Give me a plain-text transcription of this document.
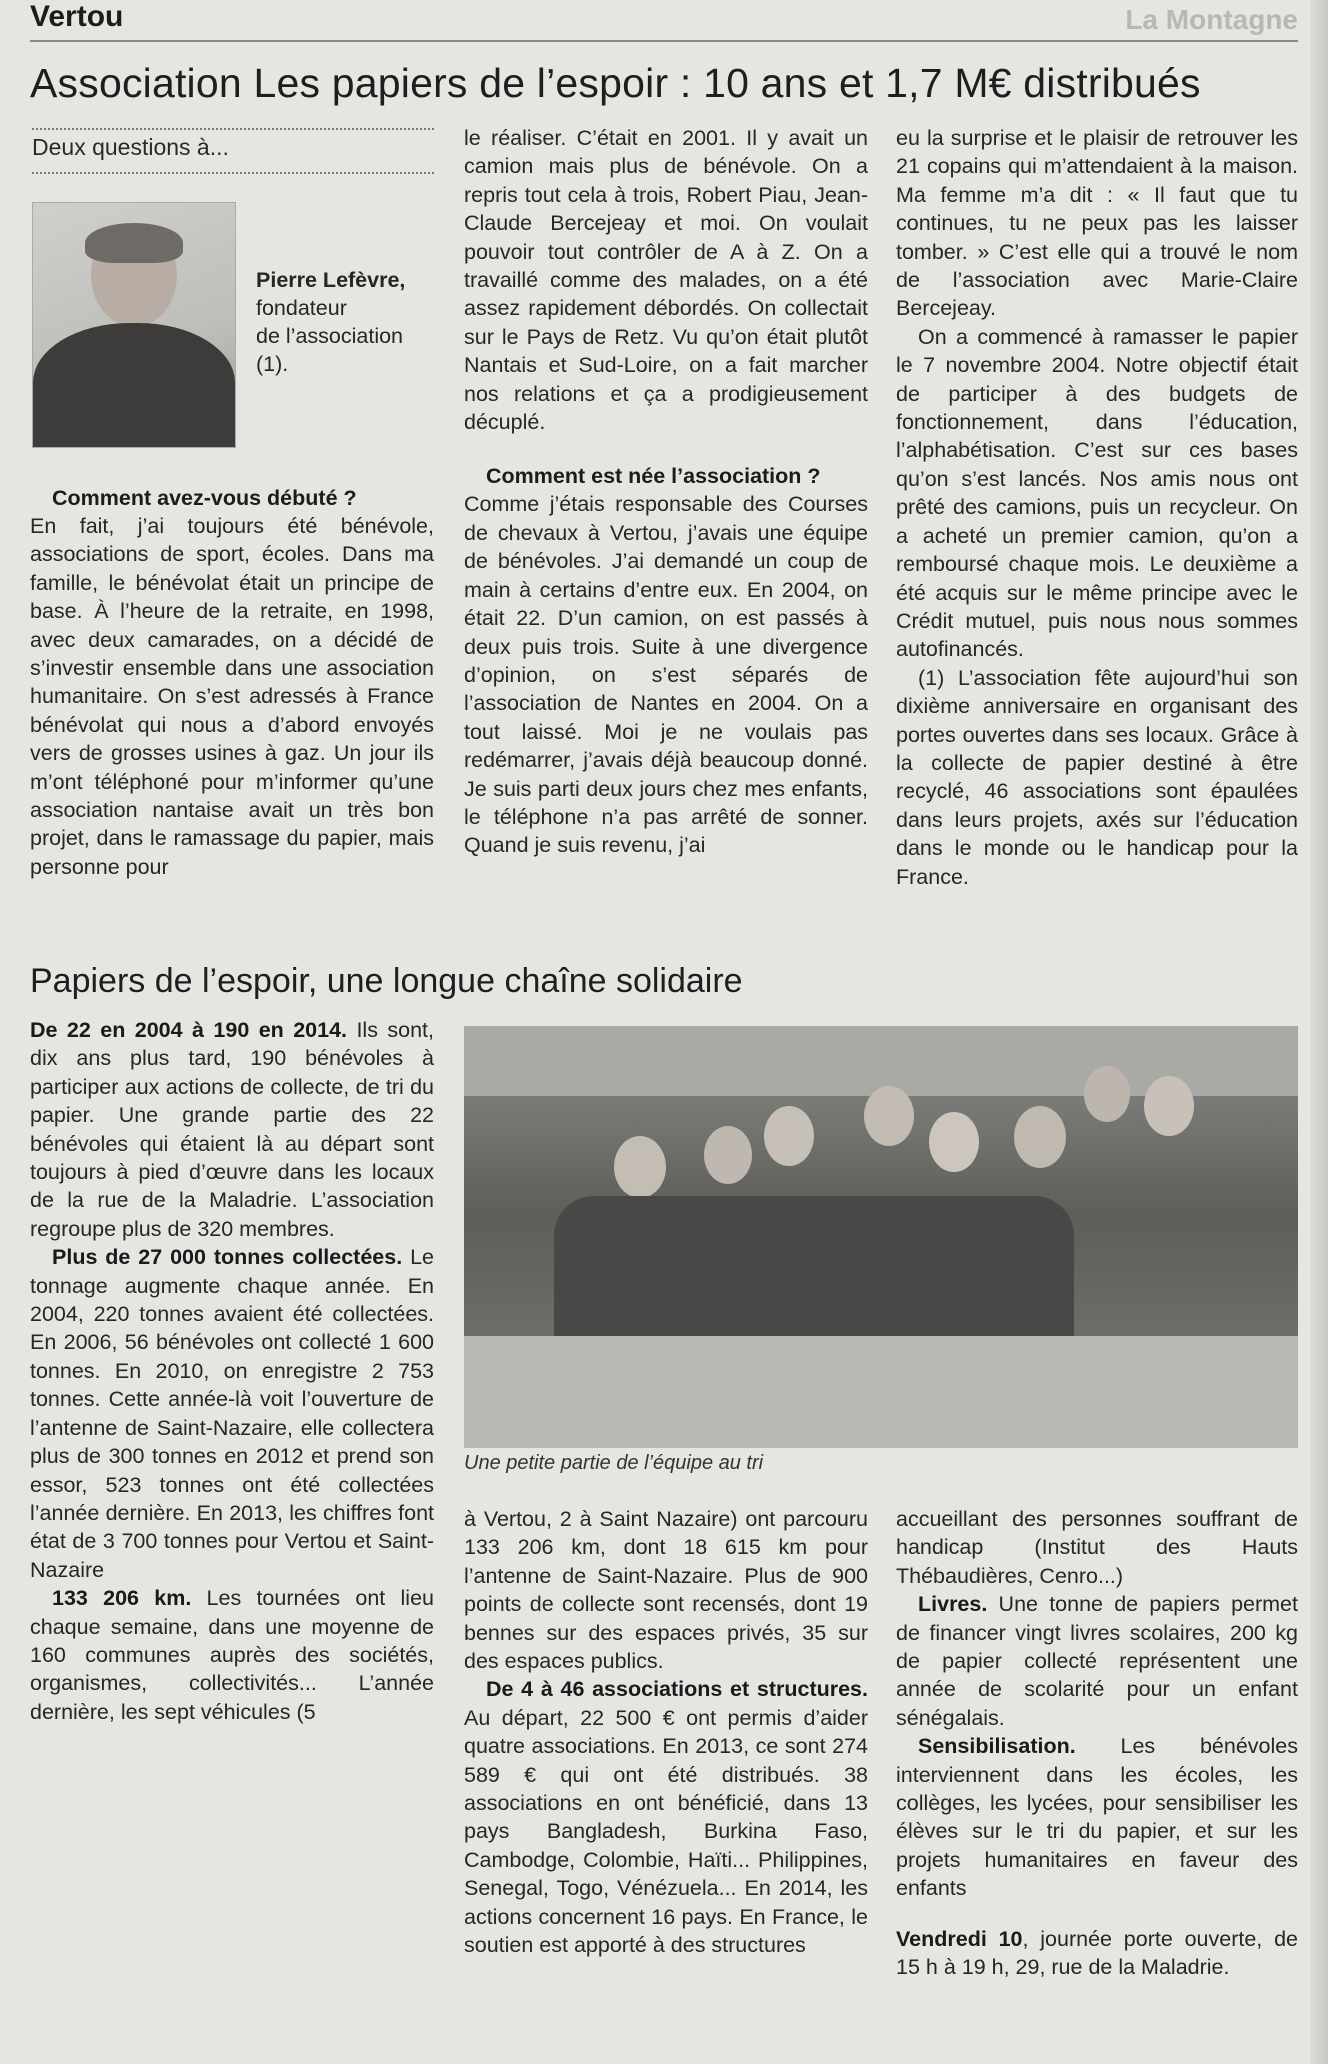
Vertou	La Montagne
Association Les papiers de l’espoir : 10 ans et 1,7 M€ distribués
Deux questions à...
Pierre Lefèvre,
fondateur
de l’association
(1).

Comment avez-vous débuté ?

En fait, j’ai toujours été bénévole, associations de sport, écoles. Dans ma famille, le bénévolat était un principe de base. À l’heure de la retraite, en 1998, avec deux camarades, on a décidé de s’investir ensemble dans une association humanitaire. On s’est adressés à France bénévolat qui nous a d’abord envoyés vers de grosses usines à gaz. Un jour ils m’ont téléphoné pour m’informer qu’une association nantaise avait un très bon projet, dans le ramassage du papier, mais personne pour

le réaliser. C’était en 2001. Il y avait un camion mais plus de bénévole. On a repris tout cela à trois, Robert Piau, Jean-Claude Bercejeay et moi. On voulait pouvoir tout contrôler de A à Z. On a travaillé comme des malades, on a été assez rapidement débordés. On collectait sur le Pays de Retz. Vu qu’on était plutôt Nantais et Sud-Loire, on a fait marcher nos relations et ça a prodigieusement décuplé.

Comment est née l’association ?

Comme j’étais responsable des Courses de chevaux à Vertou, j’avais une équipe de bénévoles. J’ai demandé un coup de main à certains d’entre eux. En 2004, on était 22. D’un camion, on est passés à deux puis trois. Suite à une divergence d’opinion, on s’est séparés de l’association de Nantes en 2004. On a tout laissé. Moi je ne voulais pas redémarrer, j’avais déjà beaucoup donné. Je suis parti deux jours chez mes enfants, le téléphone n’a pas arrêté de sonner. Quand je suis revenu, j’ai

eu la surprise et le plaisir de retrouver les 21 copains qui m’attendaient à la maison. Ma femme m’a dit : « Il faut que tu continues, tu ne peux pas les laisser tomber. » C’est elle qui a trouvé le nom de l’association avec Marie-Claire Bercejeay.

On a commencé à ramasser le papier le 7 novembre 2004. Notre objectif était de participer à des budgets de fonctionnement, dans l’éducation, l’alphabétisation. C’est sur ces bases qu’on s’est lancés. Nos amis nous ont prêté des camions, puis un recycleur. On a acheté un premier camion, qu’on a remboursé chaque mois. Le deuxième a été acquis sur le même principe avec le Crédit mutuel, puis nous nous sommes autofinancés.

(1) L’association fête aujourd’hui son dixième anniversaire en organisant des portes ouvertes dans ses locaux. Grâce à la collecte de papier destiné à être recyclé, 46 associations sont épaulées dans leurs projets, axés sur l’éducation dans le monde ou le handicap pour la France.

Papiers de l’espoir, une longue chaîne solidaire

De 22 en 2004 à 190 en 2014. Ils sont, dix ans plus tard, 190 bénévoles à participer aux actions de collecte, de tri du papier. Une grande partie des 22 bénévoles qui étaient là au départ sont toujours à pied d’œuvre dans les locaux de la rue de la Maladrie. L’association regroupe plus de 320 membres.

Plus de 27 000 tonnes collectées. Le tonnage augmente chaque année. En 2004, 220 tonnes avaient été collectées. En 2006, 56 bénévoles ont collecté 1 600 tonnes. En 2010, on enregistre 2 753 tonnes. Cette année-là voit l’ouverture de l’antenne de Saint-Nazaire, elle collectera plus de 300 tonnes en 2012 et prend son essor, 523 tonnes ont été collectées l’année dernière. En 2013, les chiffres font état de 3 700 tonnes pour Vertou et Saint-Nazaire

133 206 km. Les tournées ont lieu chaque semaine, dans une moyenne de 160 communes auprès des sociétés, organismes, collectivités... L’année dernière, les sept véhicules (5

Une petite partie de l’équipe au tri

à Vertou, 2 à Saint Nazaire) ont parcouru 133 206 km, dont 18 615 km pour l’antenne de Saint-Nazaire. Plus de 900 points de collecte sont recensés, dont 19 bennes sur des espaces privés, 35 sur des espaces publics.

De 4 à 46 associations et structures. Au départ, 22 500 € ont permis d’aider quatre associations. En 2013, ce sont 274 589 € qui ont été distribués. 38 associations en ont bénéficié, dans 13 pays Bangladesh, Burkina Faso, Cambodge, Colombie, Haïti... Philippines, Senegal, Togo, Vénézuela... En 2014, les actions concernent 16 pays. En France, le soutien est apporté à des structures

accueillant des personnes souffrant de handicap (Institut des Hauts Thébaudières, Cenro...)

Livres. Une tonne de papiers permet de financer vingt livres scolaires, 200 kg de papier collecté représentent une année de scolarité pour un enfant sénégalais.

Sensibilisation. Les bénévoles interviennent dans les écoles, les collèges, les lycées, pour sensibiliser les élèves sur le tri du papier, et sur les projets humanitaires en faveur des enfants

Vendredi 10, journée porte ouverte, de 15 h à 19 h, 29, rue de la Maladrie.
